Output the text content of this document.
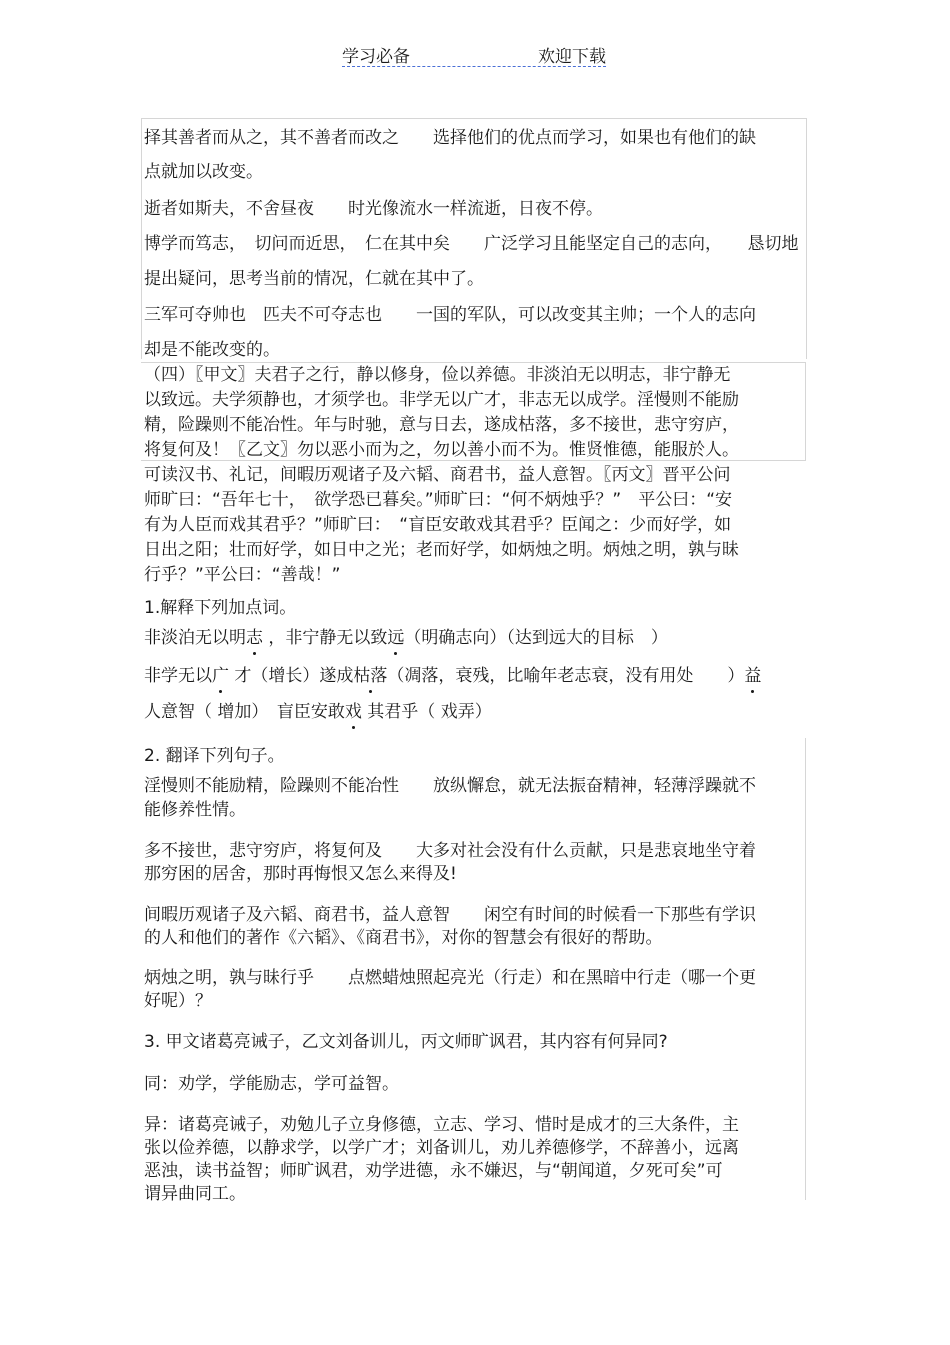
学习必备	欢迎下载

择其善者而从之，其不善者而改之　　选择他们的优点而学习，如果也有他们的缺

点就加以改变。

逝者如斯夫，不舍昼夜　　时光像流水一样流逝，日夜不停。

博学而笃志，　切问而近思，　仁在其中矣　　广泛学习且能坚定自己的志向，　　恳切地

提出疑问，思考当前的情况，仁就在其中了。

三军可夺帅也　匹夫不可夺志也　　一国的军队，可以改变其主帅；一个人的志向

却是不能改变的。

（四）〖甲文〗夫君子之行，静以修身，俭以养德。非淡泊无以明志，非宁静无

以致远。夫学须静也，才须学也。非学无以广才，非志无以成学。淫慢则不能励

精，险躁则不能冶性。年与时驰，意与日去，遂成枯落，多不接世，悲守穷庐，

将复何及！〖乙文〗勿以恶小而为之，勿以善小而不为。惟贤惟德，能服於人。

可读汉书、礼记，间暇历观诸子及六韬、商君书，益人意智。〖丙文〗晋平公问

师旷曰：“吾年七十，　欲学恐已暮矣。”师旷曰：“何不炳烛乎？”　平公曰：“安

有为人臣而戏其君乎？”师旷曰：　“盲臣安敢戏其君乎？臣闻之：少而好学，如

日出之阳；壮而好学，如日中之光；老而好学，如炳烛之明。炳烛之明，孰与昧

行乎？”平公曰：“善哉！”

1.解释下列加点词。

非淡泊无以明志 ，非宁静无以致远（明确志向）（达到远大的目标　）

非学无以广 才（增长）遂成枯落（凋落，衰残，比喻年老志衰，没有用处　　）益

人意智（ 增加）　盲臣安敢戏 其君乎（ 戏弄）

2. 翻译下列句子。

淫慢则不能励精，险躁则不能冶性　　放纵懈怠，就无法振奋精神，轻薄浮躁就不

能修养性情。

多不接世，悲守穷庐，将复何及　　大多对社会没有什么贡献，只是悲哀地坐守着

那穷困的居舍，那时再悔恨又怎么来得及!

间暇历观诸子及六韬、商君书，益人意智　　闲空有时间的时候看一下那些有学识

的人和他们的著作《六韬》、《商君书》，对你的智慧会有很好的帮助。

炳烛之明，孰与昧行乎　　点燃蜡烛照起亮光（行走）和在黑暗中行走（哪一个更

好呢）？

3. 甲文诸葛亮诫子，乙文刘备训儿，丙文师旷讽君，其内容有何异同?

同：劝学，学能励志，学可益智。

异：诸葛亮诫子，劝勉儿子立身修德，立志、学习、惜时是成才的三大条件，主

张以俭养德，以静求学，以学广才；刘备训儿，劝儿养德修学，不辞善小，远离

恶浊，读书益智；师旷讽君，劝学进德，永不嫌迟，与“朝闻道，夕死可矣”可

谓异曲同工。
